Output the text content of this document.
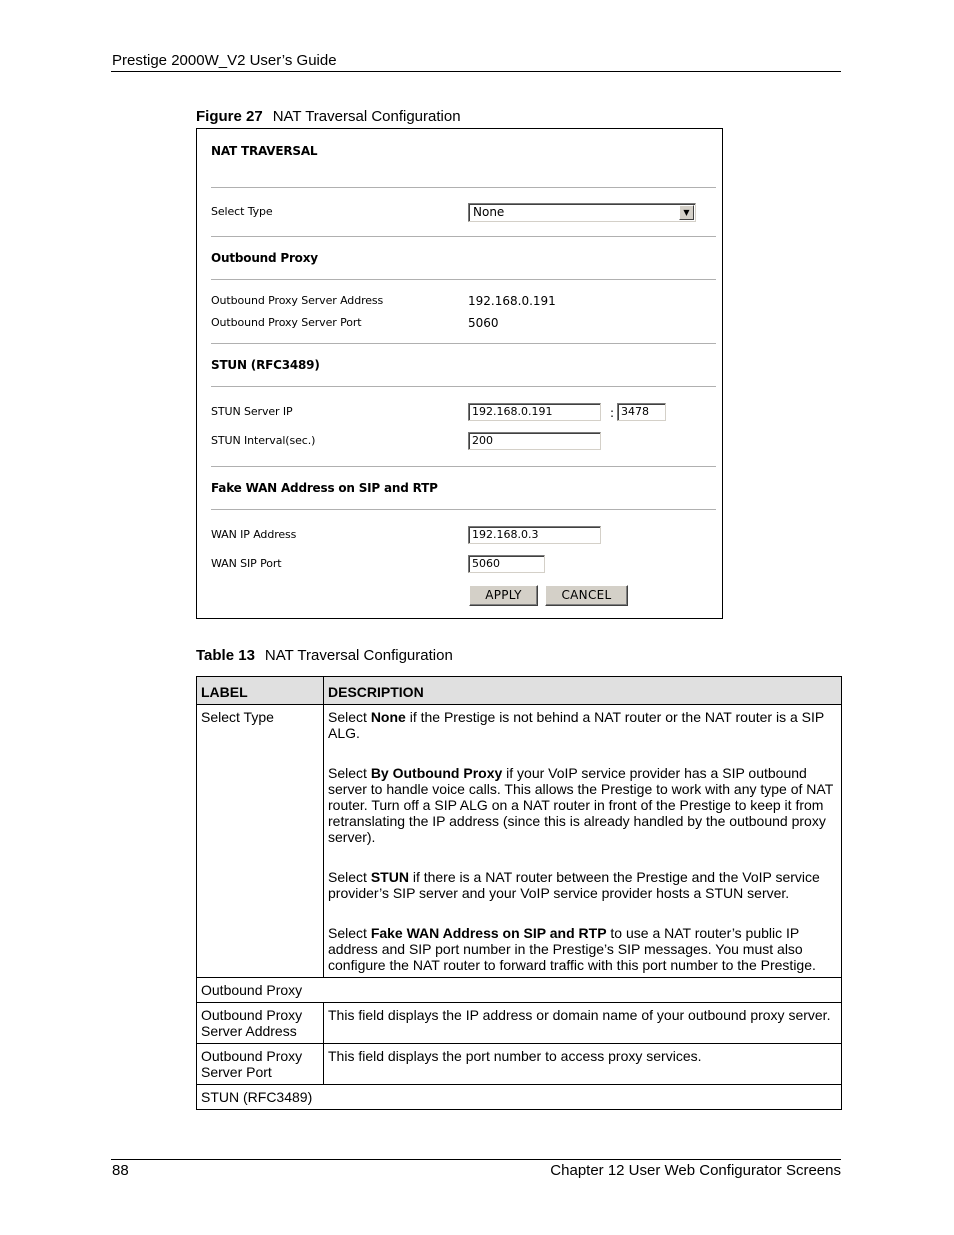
Prestige 2000W_V2 User’s Guide
Figure 27 NAT Traversal Configuration
NAT TRAVERSAL
Select Type	None	▼
Outbound Proxy
Outbound Proxy Server Address	192.168.0.191
Outbound Proxy Server Port	5060
STUN (RFC3489)
STUN Server IP	192.168.0.191	: 3478
STUN Interval(sec.)	200
Fake WAN Address on SIP and RTP
WAN IP Address	192.168.0.3
WAN SIP Port	5060
APPLY	CANCEL
Table 13 NAT Traversal Configuration
LABEL	DESCRIPTION
Select Type	Select None if the Prestige is not behind a NAT router or the NAT router is a SIP ALG.

Select By Outbound Proxy if your VoIP service provider has a SIP outbound server to handle voice calls. This allows the Prestige to work with any type of NAT router. Turn off a SIP ALG on a NAT router in front of the Prestige to keep it from retranslating the IP address (since this is already handled by the outbound proxy server).

Select STUN if there is a NAT router between the Prestige and the VoIP service provider’s SIP server and your VoIP service provider hosts a STUN server.

Select Fake WAN Address on SIP and RTP to use a NAT router’s public IP address and SIP port number in the Prestige’s SIP messages. You must also configure the NAT router to forward traffic with this port number to the Prestige.

Outbound Proxy	
Outbound Proxy Server Address	This field displays the IP address or domain name of your outbound proxy server.
Outbound Proxy Server Port	This field displays the port number to access proxy services.
STUN (RFC3489)	
88	Chapter 12 User Web Configurator Screens
